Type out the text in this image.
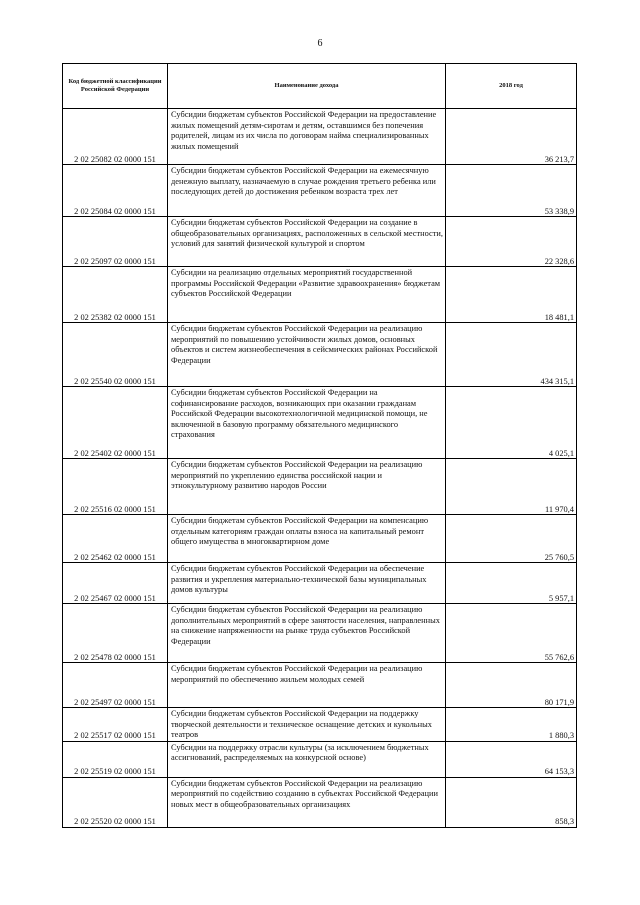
6
Код бюджетной классификации Российской Федерации	Наименование дохода	2018 год
2 02 25082 02 0000 151	Субсидии бюджетам субъектов Российской Федерации на предоставление жилых помещений детям-сиротам и детям, оставшимся без попечения родителей, лицам из их числа по договорам найма специализированных жилых помещений	36 213,7
2 02 25084 02 0000 151	Субсидии бюджетам субъектов Российской Федерации на ежемесячную денежную выплату, назначаемую в случае рождения третьего ребенка или последующих детей до достижения ребенком возраста трех лет	53 338,9
2 02 25097 02 0000 151	Субсидии бюджетам субъектов Российской Федерации на создание в общеобразовательных организациях, расположенных в сельской местности, условий для занятий физической культурой и спортом	22 328,6
2 02 25382 02 0000 151	Субсидии на реализацию отдельных мероприятий государственной программы Российской Федерации «Развитие здравоохранения» бюджетам субъектов Российской Федерации	18 481,1
2 02 25540 02 0000 151	Субсидии бюджетам субъектов Российской Федерации на реализацию мероприятий по повышению устойчивости жилых домов, основных объектов и систем жизнеобеспечения в сейсмических районах Российской Федерации	434 315,1
2 02 25402 02 0000 151	Субсидии бюджетам субъектов Российской Федерации на софинансирование расходов, возникающих при оказании гражданам Российской Федерации высокотехнологичной медицинской помощи, не включенной в базовую программу обязательного медицинского страхования	4 025,1
2 02 25516 02 0000 151	Субсидии бюджетам субъектов Российской Федерации на реализацию мероприятий по укреплению единства российской нации и этнокультурному развитию народов России	11 970,4
2 02 25462 02 0000 151	Субсидии бюджетам субъектов Российской Федерации на компенсацию отдельным категориям граждан оплаты взноса на капитальный ремонт общего имущества в многоквартирном доме	25 760,5
2 02 25467 02 0000 151	Субсидии бюджетам субъектов Российской Федерации на обеспечение развития и укрепления материально-технической базы муниципальных домов культуры	5 957,1
2 02 25478 02 0000 151	Субсидии бюджетам субъектов Российской Федерации на реализацию дополнительных мероприятий в сфере занятости населения, направленных на снижение напряженности на рынке труда субъектов Российской Федерации	55 762,6
2 02 25497 02 0000 151	Субсидии бюджетам субъектов Российской Федерации на реализацию мероприятий по обеспечению жильем молодых семей	80 171,9
2 02 25517 02 0000 151	Субсидии бюджетам субъектов Российской Федерации на поддержку творческой деятельности и техническое оснащение детских и кукольных театров	1 880,3
2 02 25519 02 0000 151	Субсидии на поддержку отрасли культуры (за исключением бюджетных ассигнований, распределяемых на конкурсной основе)	64 153,3
2 02 25520 02 0000 151	Субсидии бюджетам субъектов Российской Федерации на реализацию мероприятий по содействию созданию в субъектах Российской Федерации новых мест в общеобразовательных организациях	858,3
